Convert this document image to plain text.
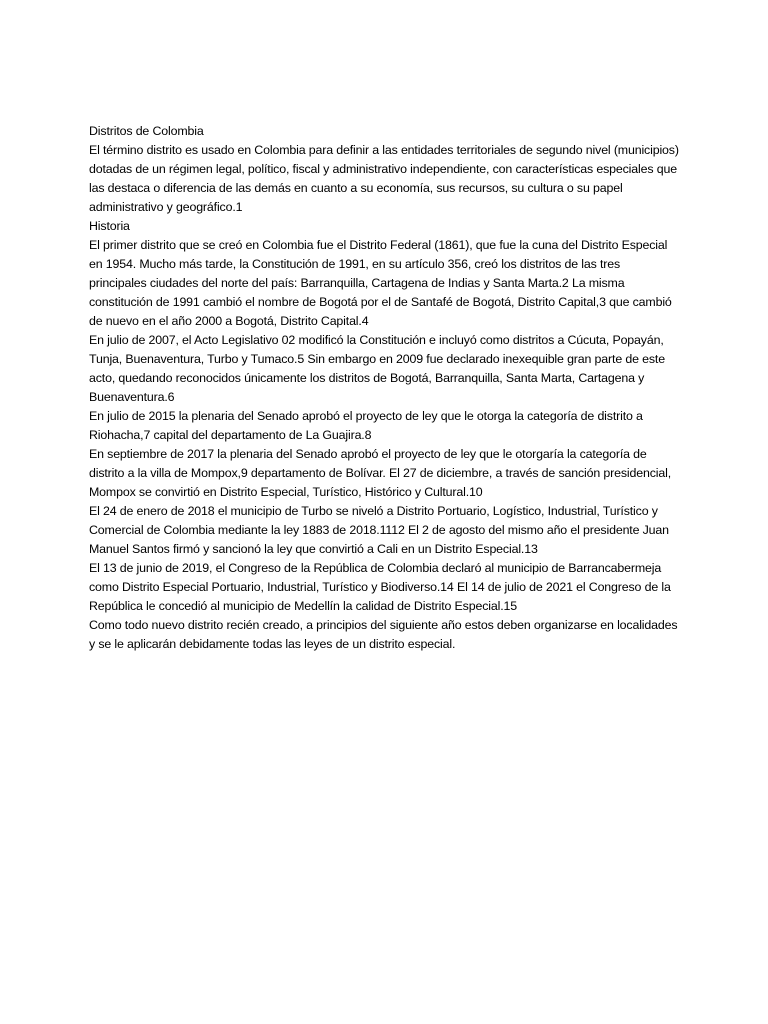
Distritos de Colombia

El término distrito es usado en Colombia para definir a las entidades territoriales de segundo nivel (municipios) dotadas de un régimen legal, político, fiscal y administrativo independiente, con características especiales que las destaca o diferencia de las demás en cuanto a su economía, sus recursos, su cultura o su papel administrativo y geográfico.1

Historia

El primer distrito que se creó en Colombia fue el Distrito Federal (1861), que fue la cuna del Distrito Especial en 1954. Mucho más tarde, la Constitución de 1991, en su artículo 356, creó los distritos de las tres principales ciudades del norte del país: Barranquilla, Cartagena de Indias y Santa Marta.2 La misma constitución de 1991 cambió el nombre de Bogotá por el de Santafé de Bogotá, Distrito Capital,3 que cambió de nuevo en el año 2000 a Bogotá, Distrito Capital.4

En julio de 2007, el Acto Legislativo 02 modificó la Constitución e incluyó como distritos a Cúcuta, Popayán, Tunja, Buenaventura, Turbo y Tumaco.5 Sin embargo en 2009 fue declarado inexequible gran parte de este acto, quedando reconocidos únicamente los distritos de Bogotá, Barranquilla, Santa Marta, Cartagena y Buenaventura.6

En julio de 2015 la plenaria del Senado aprobó el proyecto de ley que le otorga la categoría de distrito a Riohacha,7 capital del departamento de La Guajira.8

En septiembre de 2017 la plenaria del Senado aprobó el proyecto de ley que le otorgaría la categoría de distrito a la villa de Mompox,9 departamento de Bolívar. El 27 de diciembre, a través de sanción presidencial, Mompox se convirtió en Distrito Especial, Turístico, Histórico y Cultural.10

El 24 de enero de 2018 el municipio de Turbo se niveló a Distrito Portuario, Logístico, Industrial, Turístico y Comercial de Colombia mediante la ley 1883 de 2018.1112 El 2 de agosto del mismo año el presidente Juan Manuel Santos firmó y sancionó la ley que convirtió a Cali en un Distrito Especial.13

El 13 de junio de 2019, el Congreso de la República de Colombia declaró al municipio de Barrancabermeja como Distrito Especial Portuario, Industrial, Turístico y Biodiverso.14 El 14 de julio de 2021 el Congreso de la República le concedió al municipio de Medellín la calidad de Distrito Especial.15

Como todo nuevo distrito recién creado, a principios del siguiente año estos deben organizarse en localidades y se le aplicarán debidamente todas las leyes de un distrito especial.
